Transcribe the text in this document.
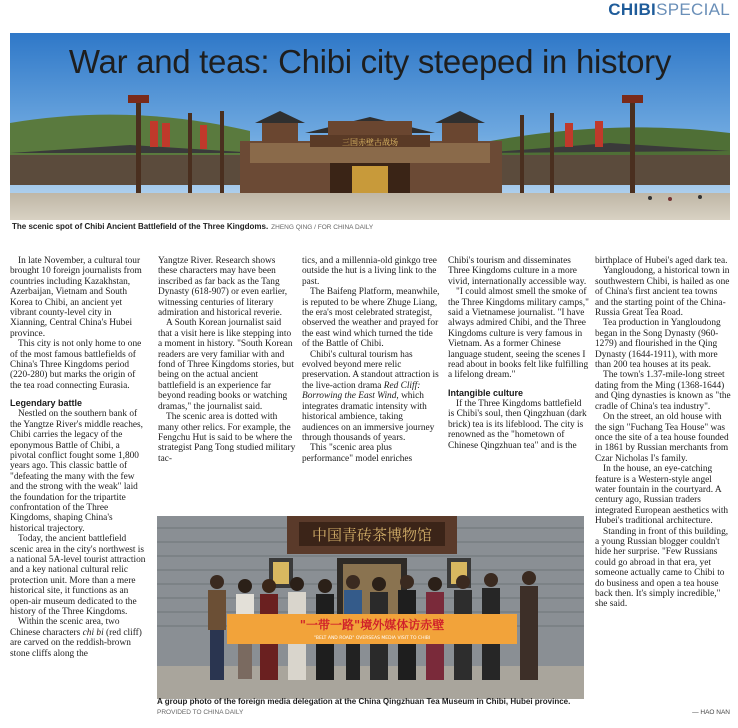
CHIBISPECIAL
三国赤壁古战场
War and teas: Chibi city steeped in history
The scenic spot of Chibi Ancient Battlefield of the Three Kingdoms. ZHENG QING / FOR CHINA DAILY

In late November, a cultural tour brought 10 foreign journalists from countries including Kazakhstan, Azerbaijan, Vietnam and South Korea to Chibi, an ancient yet vibrant county-level city in Xianning, Central China's Hubei province.

This city is not only home to one of the most famous battlefields of China's Three Kingdoms period (220-280) but marks the origin of the tea road connecting Eurasia.

Legendary battle

Nestled on the southern bank of the Yangtze River's middle reaches, Chibi carries the legacy of the eponymous Battle of Chibi, a pivotal conflict fought some 1,800 years ago. This classic battle of "defeating the many with the few and the strong with the weak" laid the foundation for the tripartite confrontation of the Three Kingdoms, shaping China's historical trajectory.

Today, the ancient battlefield scenic area in the city's northwest is a national 5A-level tourist attraction and a key national cultural relic protection unit. More than a mere historical site, it functions as an open-air museum dedicated to the history of the Three Kingdoms.

Within the scenic area, two Chinese characters chi bi (red cliff) are carved on the reddish-brown stone cliffs along the

Yangtze River. Research shows these characters may have been inscribed as far back as the Tang Dynasty (618-907) or even earlier, witnessing centuries of literary admiration and historical reverie.

A South Korean journalist said that a visit here is like stepping into a moment in history. "South Korean readers are very familiar with and fond of Three Kingdoms stories, but being on the actual ancient battlefield is an experience far beyond reading books or watching dramas," the journalist said.

The scenic area is dotted with many other relics. For example, the Fengchu Hut is said to be where the strategist Pang Tong studied military tac-

tics, and a millennia-old ginkgo tree outside the hut is a living link to the past.

The Baifeng Platform, meanwhile, is reputed to be where Zhuge Liang, the era's most celebrated strategist, observed the weather and prayed for the east wind which turned the tide of the Battle of Chibi.

Chibi's cultural tourism has evolved beyond mere relic preservation. A standout attraction is the live-action drama Red Cliff: Borrowing the East Wind, which integrates dramatic intensity with historical ambience, taking audiences on an immersive journey through thousands of years.

This "scenic area plus performance" model enriches

Chibi's tourism and disseminates Three Kingdoms culture in a more vivid, internationally accessible way.

"I could almost smell the smoke of the Three Kingdoms military camps," said a Vietnamese journalist. "I have always admired Chibi, and the Three Kingdoms culture is very famous in Vietnam. As a former Chinese language student, seeing the scenes I read about in books felt like fulfilling a lifelong dream."

Intangible culture

If the Three Kingdoms battlefield is Chibi's soul, then Qingzhuan (dark brick) tea is its lifeblood. The city is renowned as the "hometown of Chinese Qingzhuan tea" and is the

birthplace of Hubei's aged dark tea.

Yangloudong, a historical town in southwestern Chibi, is hailed as one of China's first ancient tea towns and the starting point of the China-Russia Great Tea Road.

Tea production in Yangloudong began in the Song Dynasty (960-1279) and flourished in the Qing Dynasty (1644-1911), with more than 200 tea houses at its peak.

The town's 1.37-mile-long street dating from the Ming (1368-1644) and Qing dynasties is known as "the cradle of China's tea industry".

On the street, an old house with the sign "Fuchang Tea House" was once the site of a tea house founded in 1861 by Russian merchants from Czar Nicholas I's family.

In the house, an eye-catching feature is a Western-style angel water fountain in the courtyard. A century ago, Russian traders integrated European aesthetics with Hubei's traditional architecture.

Standing in front of this building, a young Russian blogger couldn't hide her surprise. "Few Russians could go abroad in that era, yet someone actually came to Chibi to do business and open a tea house back then. It's simply incredible," she said.

中国青砖茶博物馆
"一带一路"境外媒体访赤壁
"BELT AND ROAD" OVERSEAS MEDIA VISIT TO CHIBI
A group photo of the foreign media delegation at the China Qingzhuan Tea Museum in Chibi, Hubei province.
PROVIDED TO CHINA DAILY	— HAO NAN
